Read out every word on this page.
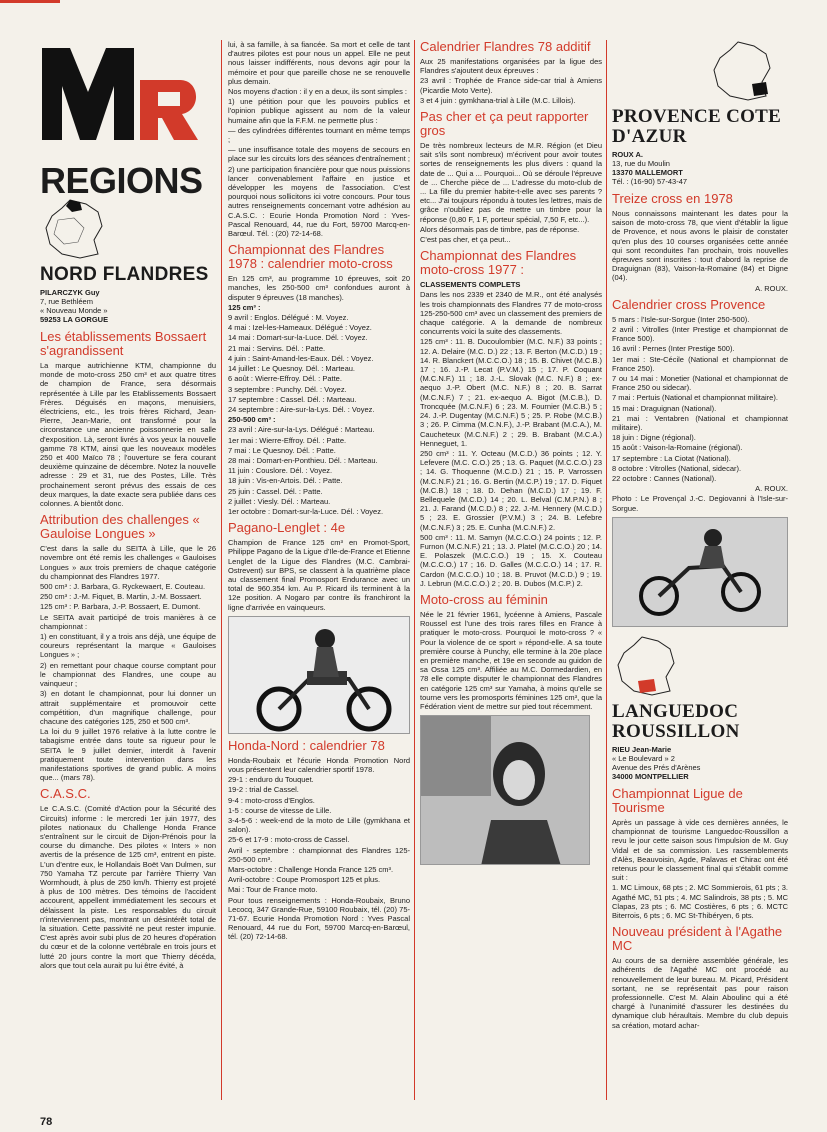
REGIONS
NORD FLANDRES
PILARCZYK Guy
7, rue Bethléem
« Nouveau Monde »
59253 LA GORGUE
Les établissements Bossaert s'agrandissent

La marque autrichienne KTM, championne du monde de moto-cross 250 cm³ et aux quatre titres de champion de France, sera désormais représentée à Lille par les Etablissements Bossaert Frères. Déguisés en maçons, menuisiers, électriciens, etc., les trois frères Richard, Jean-Pierre, Jean-Marie, ont transformé pour la circonstance une ancienne poissonnerie en salle d'exposition. Là, seront livrés à vos yeux la nouvelle gamme 78 KTM, ainsi que les nouveaux modèles 250 et 400 Maïco 78 ; l'ouverture se fera courant deuxième quinzaine de décembre. Notez la nouvelle adresse : 29 et 31, rue des Postes, Lille. Très prochainement seront prévus des essais de ces deux marques, la date exacte sera publiée dans ces colonnes. A bientôt donc.

Attribution des challenges « Gauloise Longues »

C'est dans la salle du SEITA à Lille, que le 26 novembre ont été remis les challenges « Gauloises Longues » aux trois premiers de chaque catégorie du championnat des Flandres 1977.

500 cm³ : J. Barbara, G. Ryckewaert, E. Couteau.

250 cm³ : J.-M. Fiquet, B. Martin, J.-M. Bossaert.

125 cm³ : P. Barbara, J.-P. Bossaert, E. Dumont.

Le SEITA avait participé de trois manières à ce championnat :

1) en constituant, il y a trois ans déjà, une équipe de coureurs représentant la marque « Gauloises Longues » ;

2) en remettant pour chaque course comptant pour le championnat des Flandres, une coupe au vainqueur ;

3) en dotant le championnat, pour lui donner un attrait supplémentaire et promouvoir cette compétition, d'un magnifique challenge, pour chacune des catégories 125, 250 et 500 cm³.

La loi du 9 juillet 1976 relative à la lutte contre le tabagisme entrée dans toute sa rigueur pour le SEITA le 9 juillet dernier, interdit à l'avenir pratiquement toute intervention dans les manifestations sportives de grand public. A moins que... (mars 78).

C.A.S.C.

Le C.A.S.C. (Comité d'Action pour la Sécurité des Circuits) informe : le mercredi 1er juin 1977, des pilotes nationaux du Challenge Honda France s'entraînent sur le circuit de Dijon-Prénois pour la course du dimanche. Des pilotes « Inters » non avertis de la présence de 125 cm³, entrent en piste. L'un d'entre eux, le Hollandais Boët Van Dulmen, sur 750 Yamaha TZ percute par l'arrière Thierry Van Wormhoudt, à plus de 250 km/h. Thierry est projeté à plus de 100 mètres. Des témoins de l'accident accourent, appellent immédiatement les secours et délaissent la piste. Les responsables du circuit n'interviennent pas, montrant un désintérêt total de la situation. Cette passivité ne peut rester impunie. C'est après avoir subi plus de 20 heures d'opération du cœur et de la colonne vertébrale en trois jours et lutté 20 jours contre la mort que Thierry décéda, alors que tout cela aurait pu lui être évité, à

lui, à sa famille, à sa fiancée. Sa mort et celle de tant d'autres pilotes est pour nous un appel. Elle ne peut nous laisser indifférents, nous devons agir pour la mémoire et pour que pareille chose ne se renouvelle plus demain.

Nos moyens d'action : il y en a deux, ils sont simples :

1) une pétition pour que les pouvoirs publics et l'opinion publique agissent au nom de la valeur humaine afin que la F.F.M. ne permette plus :

— des cylindrées différentes tournant en même temps ;

— une insuffisance totale des moyens de secours en place sur les circuits lors des séances d'entraînement ;

2) une participation financière pour que nous puissions lancer convenablement l'affaire en justice et développer les moyens de l'association. C'est pourquoi nous sollicitons ici votre concours. Pour tous autres renseignements concernant votre adhésion au C.A.S.C. : Ecurie Honda Promotion Nord : Yves-Pascal Renouard, 44, rue du Fort, 59700 Marcq-en-Barœul. Tél. : (20) 72-14-68.

Championnat des Flandres 1978 : calendrier moto-cross

En 125 cm³, au programme 10 épreuves, soit 20 manches, les 250-500 cm³ confondues auront à disputer 9 épreuves (18 manches).

125 cm³ :

9 avril : Englos. Délégué : M. Voyez.

4 mai : Izel-les-Hameaux. Délégué : Voyez.

14 mai : Domart-sur-la-Luce. Dél. : Voyez.

21 mai : Servins. Dél. : Patte.

4 juin : Saint-Amand-les-Eaux. Dél. : Voyez.

14 juillet : Le Quesnoy. Dél. : Marteau.

6 août : Wierre-Effroy. Dél. : Patte.

3 septembre : Punchy. Dél. : Voyez.

17 septembre : Cassel. Dél. : Marteau.

24 septembre : Aire-sur-la-Lys. Dél. : Voyez.

250-500 cm³ :

23 avril : Aire-sur-la-Lys. Délégué : Marteau.

1er mai : Wierre-Effroy. Dél. : Patte.

7 mai : Le Quesnoy. Dél. : Patte.

28 mai : Domart-en-Ponthieu. Dél. : Marteau.

11 juin : Couslore. Dél. : Voyez.

18 juin : Vis-en-Artois. Dél. : Patte.

25 juin : Cassel. Dél. : Patte.

2 juillet : Viesly. Dél. : Marteau.

1er octobre : Domart-sur-la-Luce. Dél. : Voyez.

Pagano-Lenglet : 4e

Champion de France 125 cm³ en Promot-Sport, Philippe Pagano de la Ligue d'Ile-de-France et Etienne Lenglet de la Ligue des Flandres (M.C. Cambrai-Ostrevent) sur BPS, se classent à la quatrième place au classement final Promosport Endurance avec un total de 960.354 km. Au P. Ricard ils terminent à la 12e position. A Nogaro par contre ils franchiront la ligne d'arrivée en vainqueurs.

Honda-Nord : calendrier 78

Honda-Roubaix et l'écurie Honda Promotion Nord vous présentent leur calendrier sportif 1978.

29-1 : enduro du Touquet.

19-2 : trial de Cassel.

9-4 : moto-cross d'Englos.

1-5 : course de vitesse de Lille.

3-4-5-6 : week-end de la moto de Lille (gymkhana et salon).

25-6 et 17-9 : moto-cross de Cassel.

Avril - septembre : championnat des Flandres 125-250-500 cm³.

Mars-octobre : Challenge Honda France 125 cm³.

Avril-octobre : Coupe Promosport 125 et plus.

Mai : Tour de France moto.

Pour tous renseignements : Honda-Roubaix, Bruno Lecocq, 347 Grande-Rue, 59100 Roubaix, tél. (20) 75-71-67. Ecurie Honda Promotion Nord : Yves Pascal Renouard, 44 rue du Fort, 59700 Marcq-en-Barœul, tél. (20) 72-14-68.

Calendrier Flandres 78 additif

Aux 25 manifestations organisées par la ligue des Flandres s'ajoutent deux épreuves :

23 avril : Trophée de France side-car trial à Amiens (Picardie Moto Verte).

3 et 4 juin : gymkhana-trial à Lille (M.C. Lillois).

Pas cher et ça peut rapporter gros

De très nombreux lecteurs de M.R. Région (et Dieu sait s'ils sont nombreux) m'écrivent pour avoir toutes sortes de renseignements les plus divers : quand la date de ... Qui a ... Pourquoi... Où se déroule l'épreuve de ... Cherche pièce de ... L'adresse du moto-club de ... La fille du premier habite-t-elle avec ses parents ? etc... J'ai toujours répondu à toutes les lettres, mais de grâce n'oubliez pas de mettre un timbre pour la réponse (0,80 F, 1 F, porteur spécial, 7,50 F, etc...).

Alors désormais pas de timbre, pas de réponse.

C'est pas cher, et ça peut...

Championnat des Flandres moto-cross 1977 :

CLASSEMENTS COMPLETS

Dans les nos 2339 et 2340 de M.R., ont été analysés les trois championnats des Flandres 77 de moto-cross 125-250-500 cm³ avec un classement des premiers de chaque catégorie. A la demande de nombreux concurrents voici la suite des classements.

125 cm³ : 11. B. Ducoulombier (M.C. N.F.) 33 points ; 12. A. Delaire (M.C. D.) 22 ; 13. F. Berton (M.C.D.) 19 ; 14. R. Blanckert (M.C.C.O.) 18 ; 15. B. Chivet (M.C.B.) 17 ; 16. J.-P. Lecat (P.V.M.) 15 ; 17. P. Coquant (M.C.N.F.) 11 ; 18. J.-L. Slovak (M.C. N.F.) 8 ; ex-aequo J.-P. Obert (M.C. N.F.) 8 ; 20. B. Sarrat (M.C.N.F.) 7 ; 21. ex-aequo A. Bigot (M.C.B.), D. Troncquée (M.C.N.F.) 6 ; 23. M. Fournier (M.C.B.) 5 ; 24. J.-P. Dugentay (M.C.N.F.) 5 ; 25. P. Robe (M.C.B.) 3 ; 26. P. Cimma (M.C.N.F.), J.-P. Brabant (M.C.A.), M. Caucheteux (M.C.N.F.) 2 ; 29. B. Brabant (M.C.A.) Henneguet, 1.

250 cm³ : 11. Y. Octeau (M.C.D.) 36 points ; 12. Y. Lefevere (M.C. C.O.) 25 ; 13. G. Paquet (M.C.C.O.) 23 ; 14. G. Thoquenne (M.C.D.) 21 ; 15. P. Varrossen (M.C.N.F.) 21 ; 16. G. Bertin (M.C.P.) 19 ; 17. D. Fiquet (M.C.B.) 18 ; 18. D. Dehan (M.C.D.) 17 ; 19. F. Bellequele (M.C.D.) 14 ; 20. L. Belval (C.M.P.N.) 8 ; 21. J. Farand (M.C.D.) 8 ; 22. J.-M. Hennery (M.C.D.) 5 ; 23. E. Grossier (P.V.M.) 3 ; 24. B. Lefebre (M.C.N.F.) 3 ; 25. E. Cunha (M.C.N.F.) 2.

500 cm³ : 11. M. Samyn (M.C.C.O.) 24 points ; 12. P. Furnon (M.C.N.F.) 21 ; 13. J. Platel (M.C.C.O.) 20 ; 14. E. Polaszek (M.C.C.O.) 19 ; 15. X. Couteau (M.C.C.O.) 17 ; 16. D. Galles (M.C.C.O.) 14 ; 17. R. Cardon (M.C.C.O.) 10 ; 18. B. Pruvot (M.C.D.) 9 ; 19. J. Lebrun (M.C.C.O.) 2 ; 20. B. Dubos (M.C.P.) 2.

Moto-cross au féminin

Née le 21 février 1961, lycéenne à Amiens, Pascale Roussel est l'une des trois rares filles en France à pratiquer le moto-cross. Pourquoi le moto-cross ? « Pour la violence de ce sport » répond-elle. A sa toute première course à Punchy, elle termine à la 20e place en première manche, et 19e en seconde au guidon de sa Ossa 125 cm³. Affiliée au M.C. Dormedardien, en 78 elle compte disputer le championnat des Flandres en catégorie 125 cm³ sur Yamaha, à moins qu'elle se tourne vers les promosports féminines 125 cm³, que la Fédération vient de mettre sur pied tout récemment.

PROVENCE COTE D'AZUR
ROUX A.
13, rue du Moulin
13370 MALLEMORT
Tél. : (16-90) 57-43-47
Treize cross en 1978

Nous connaissons maintenant les dates pour la saison de moto-cross 78, que vient d'établir la ligue de Provence, et nous avons le plaisir de constater qu'en plus des 10 courses organisées cette année qui sont reconduites l'an prochain, trois nouvelles épreuves sont inscrites : tout d'abord la reprise de Draguignan (83), Vaison-la-Romaine (84) et Digne (04).

A. ROUX.

Calendrier cross Provence

5 mars : l'Isle-sur-Sorgue (Inter 250-500).

2 avril : Vitrolles (Inter Prestige et championnat de France 500).

16 avril : Pernes (Inter Prestige 500).

1er mai : Ste-Cécile (National et championnat de France 250).

7 ou 14 mai : Monetier (National et championnat de France 250 ou sidecar).

7 mai : Pertuis (National et championnat militaire).

15 mai : Draguignan (National).

21 mai : Ventabren (National et championnat militaire).

18 juin : Digne (régional).

15 août : Vaison-la-Romaine (régional).

17 septembre : La Ciotat (National).

8 octobre : Vitrolles (National, sidecar).

22 octobre : Cannes (National).

A. ROUX.

Photo : Le Provençal J.-C. Degiovanni à l'Isle-sur-Sorgue.

LANGUEDOC ROUSSILLON
RIEU Jean-Marie
« Le Boulevard » 2
Avenue des Prés d'Arènes
34000 MONTPELLIER
Championnat Ligue de Tourisme

Après un passage à vide ces dernières années, le championnat de tourisme Languedoc-Roussillon a revu le jour cette saison sous l'impulsion de M. Guy Vidal et de sa commission. Les rassemblements d'Alès, Beauvoisin, Agde, Palavas et Chirac ont été retenus pour le classement final qui s'établit comme suit :

1. MC Limoux, 68 pts ; 2. MC Sommierois, 61 pts ; 3. Agathé MC, 51 pts ; 4. MC Salindrois, 38 pts ; 5. MC Clapas, 23 pts ; 6. MC Costières, 6 pts ; 6. MCTC Biterrois, 6 pts ; 6. MC St-Thibéryen, 6 pts.

Nouveau président à l'Agathe MC

Au cours de sa dernière assemblée générale, les adhérents de l'Agathé MC ont procédé au renouvellement de leur bureau. M. Picard, Président sortant, ne se représentait pas pour raison professionnelle. C'est M. Alain Aboulinc qui a été chargé à l'unanimité d'assurer les destinées du dynamique club héraultais. Membre du club depuis sa création, motard achar-

78
